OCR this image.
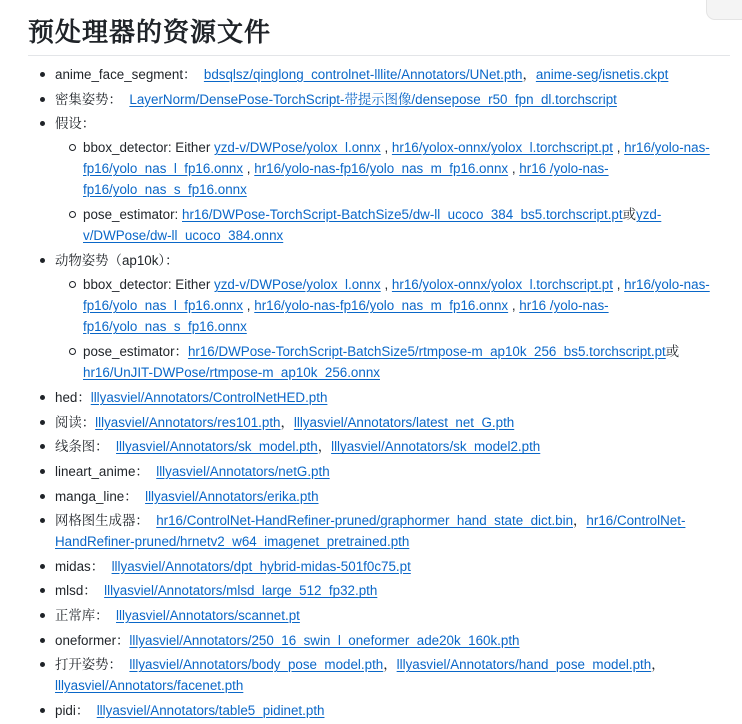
预处理器的资源文件
anime_face_segment： bdsqlsz/qinglong_controlnet-lllite/Annotators/UNet.pth，anime-seg/isnetis.ckpt
密集姿势： LayerNorm/DensePose-TorchScript-带提示图像/densepose_r50_fpn_dl.torchscript
假设：
bbox_detector: Either yzd-v/DWPose/yolox_l.onnx , hr16/yolox-onnx/yolox_l.torchscript.pt , hr16/yolo-nas-fp16/yolo_nas_l_fp16.onnx , hr16/yolo-nas-fp16/yolo_nas_m_fp16.onnx , hr16 /yolo-nas-fp16/yolo_nas_s_fp16.onnx
pose_estimator: hr16/DWPose-TorchScript-BatchSize5/dw-ll_ucoco_384_bs5.torchscript.pt或yzd-v/DWPose/dw-ll_ucoco_384.onnx
动物姿势（ap10k）：
bbox_detector: Either yzd-v/DWPose/yolox_l.onnx , hr16/yolox-onnx/yolox_l.torchscript.pt , hr16/yolo-nas-fp16/yolo_nas_l_fp16.onnx , hr16/yolo-nas-fp16/yolo_nas_m_fp16.onnx , hr16 /yolo-nas-fp16/yolo_nas_s_fp16.onnx
pose_estimator：hr16/DWPose-TorchScript-BatchSize5/rtmpose-m_ap10k_256_bs5.torchscript.pt或hr16/UnJIT-DWPose/rtmpose-m_ap10k_256.onnx
hed：lllyasviel/Annotators/ControlNetHED.pth
阅读：lllyasviel/Annotators/res101.pth，lllyasviel/Annotators/latest_net_G.pth
线条图： lllyasviel/Annotators/sk_model.pth，lllyasviel/Annotators/sk_model2.pth
lineart_anime： lllyasviel/Annotators/netG.pth
manga_line： lllyasviel/Annotators/erika.pth
网格图生成器： hr16/ControlNet-HandRefiner-pruned/graphormer_hand_state_dict.bin，hr16/ControlNet-HandRefiner-pruned/hrnetv2_w64_imagenet_pretrained.pth
midas： lllyasviel/Annotators/dpt_hybrid-midas-501f0c75.pt
mlsd： lllyasviel/Annotators/mlsd_large_512_fp32.pth
正常库： lllyasviel/Annotators/scannet.pt
oneformer：lllyasviel/Annotators/250_16_swin_l_oneformer_ade20k_160k.pth
打开姿势： lllyasviel/Annotators/body_pose_model.pth，lllyasviel/Annotators/hand_pose_model.pth，lllyasviel/Annotators/facenet.pth
pidi： lllyasviel/Annotators/table5_pidinet.pth
